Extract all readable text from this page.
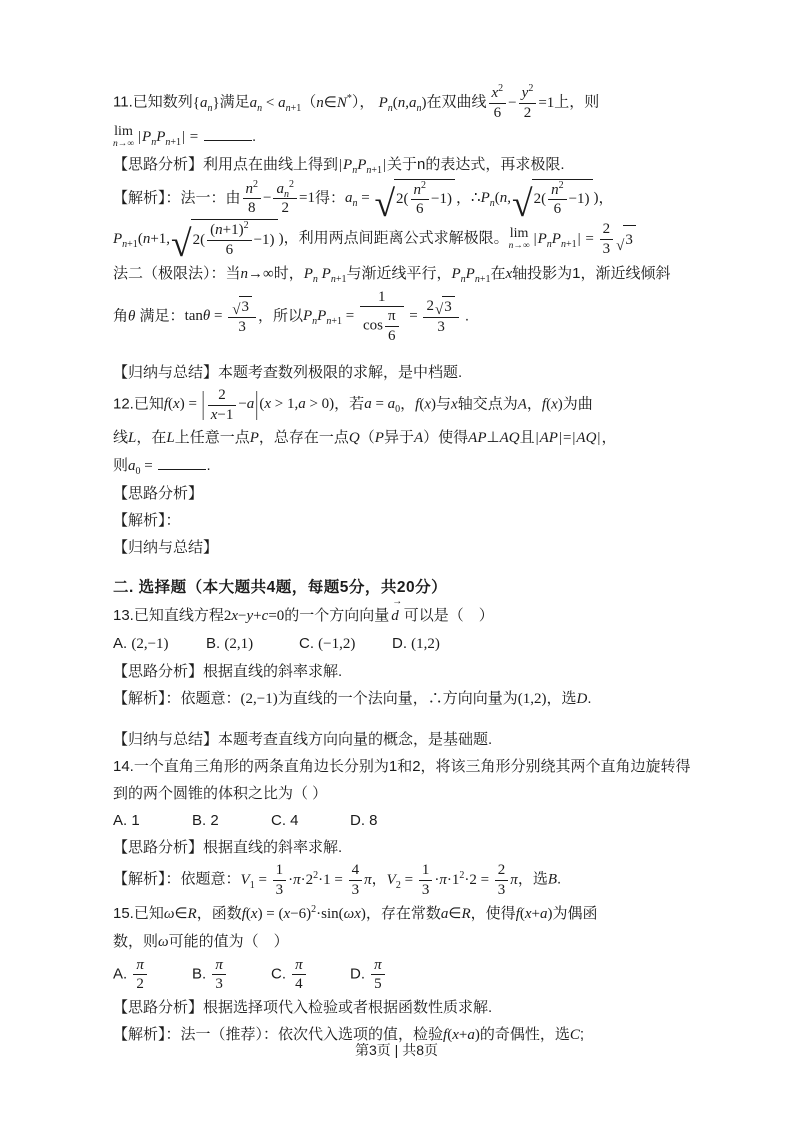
11.已知数列$\{a_n\}$满足$a_n$ < $a_{n+1}(n\in N^*)$， $P_n(n,a_n)$在双曲线 $\frac{x^2}{6} - \frac{y^2}{2} =1$上，则
lim
n→∞ $|P_nP_{n+1}|$ =	.
【思路分析】利用点在曲线上得到$|P_nP_{n+1}|$关于n的表达式，再求极限.
【解析】：法一：由 $\frac{n^2}{8} - \frac{a_n^2}{2} =1$得：$a_n$ = √ $2( \frac{n^2}{6} -1)$ ，$\therefore P_n(n$, √ $2( \frac{n^2}{6} -1)$ )，
$P_{n+1}(n+1$, √ $2( \frac{(n+1)^2}{6} -1)$ )，利用两点间距离公式求解极限。 lim
n→∞ $|P_nP_{n+1}| = \frac{2}{3}$ √ 3
法二（极限法）：当n→∞时，$P_n$ $P_{n+1}$与渐近线平行，$P_nP_{n+1}$在x轴投影为1，渐近线倾斜
角θ 满足：$\tan\theta = \frac{√ 3}{3}$ ，所以$P_nP_{n+1} = \frac{1}{\cos \frac{\pi}{6}} = \frac{2 √ 3}{3}$ .
【归纳与总结】本题考查数列极限的求解，是中档题.
12.已知f(x) = | $\frac{2}{x-1} -a|(x > 1,a > 0)$，若$a = a_0$，f(x)与x轴交点为A，f(x)为曲
线L，在L上任意一点P，总存在一点Q（P异于A）使得AP⊥AQ且|AP|=|AQ|，
则$a_0$ =	.
【思路分析】
【解析】：
【归纳与总结】
二. 选择题（本大题共4题，每题5分，共20分）
13.已知直线方程2x−y+c=0的一个方向向量 → d 可以是（　）
A. (2,−1) B. (2,1)	C. (−1,2) D. (1,2)
【思路分析】根据直线的斜率求解.
【解析】：依题意：(2,−1)为直线的一个法向量，∴方向向量为(1,2)，选D.
【归纳与总结】本题考查直线方向向量的概念，是基础题.
14.一个直角三角形的两条直角边长分别为1和2，将该三角形分别绕其两个直角边旋转得
到的两个圆锥的体积之比为（ ）
A. 1	B. 2	C. 4	D. 8
【思路分析】根据直线的斜率求解.
【解析】：依题意：$V_1 = \frac{1}{3} \cdot\pi\cdot 2^2\cdot 1 = \frac{4}{3}$ π，$V_2 = \frac{1}{3} \cdot\pi\cdot 1^2\cdot 2 = \frac{2}{3}$ π，选B.
15.已知ω∈R，函数$f(x) = (x-6)^2\cdot\sin(\omega x)$，存在常数a∈R，使得f(x+a)为偶函
数，则ω可能的值为（　）
A. $\frac{\pi}{2}$	B. $\frac{\pi}{3}$	C. $\frac{\pi}{4}$	D. $\frac{\pi}{5}$
【思路分析】根据选择项代入检验或者根据函数性质求解.
【解析】：法一（推荐）：依次代入选项的值，检验f(x+a)的奇偶性，选C;
第3页 | 共8页
